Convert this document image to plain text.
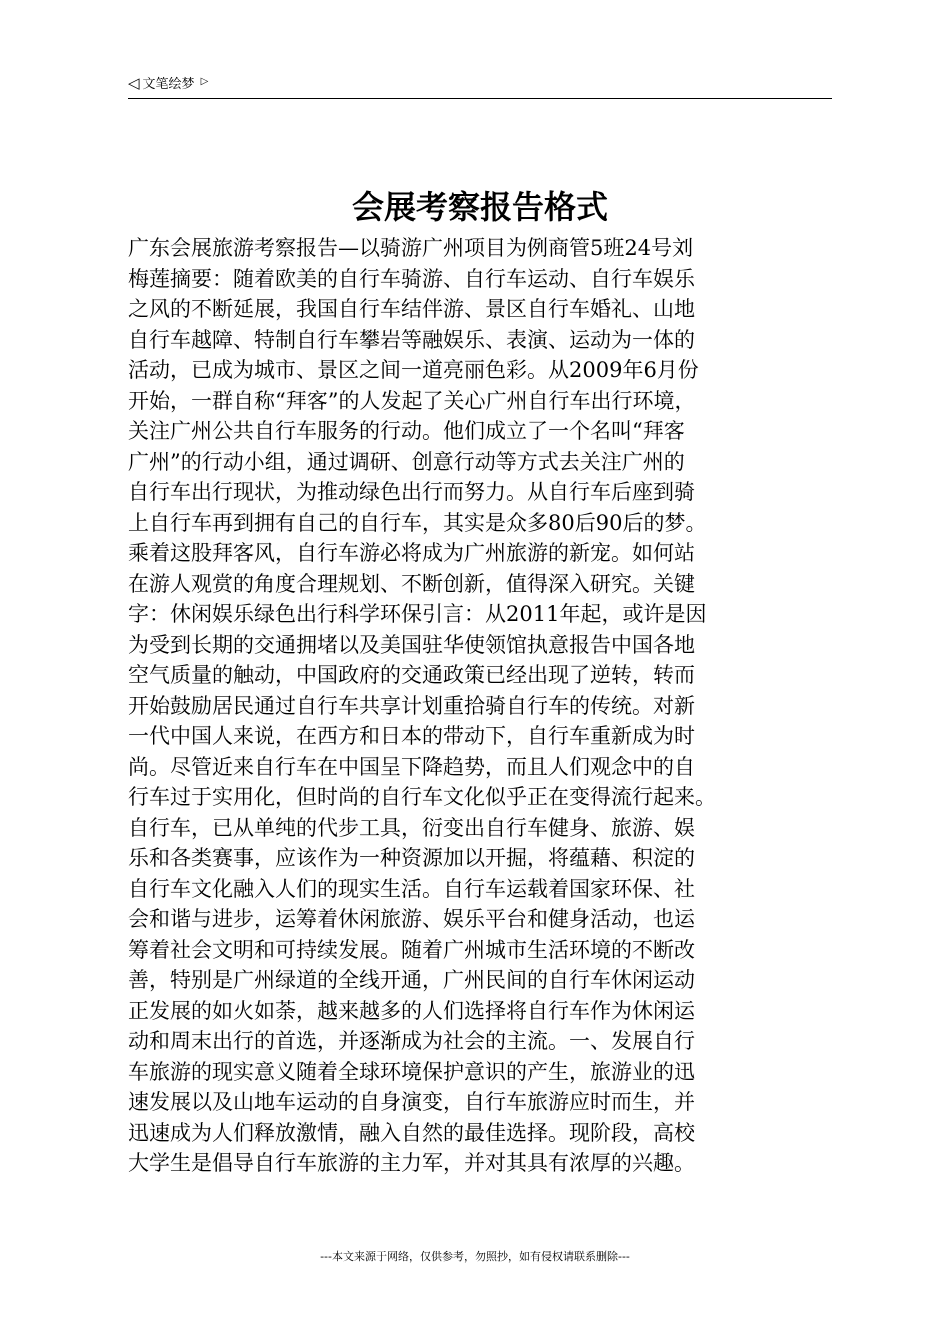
◁ 文笔绘梦 ▷
会展考察报告格式
广东会展旅游考察报告—以骑游广州项目为例商管5班24号刘
梅莲摘要：随着欧美的自行车骑游、自行车运动、自行车娱乐
之风的不断延展，我国自行车结伴游、景区自行车婚礼、山地
自行车越障、特制自行车攀岩等融娱乐、表演、运动为一体的
活动，已成为城市、景区之间一道亮丽色彩。从2009年6月份
开始，一群自称“拜客”的人发起了关心广州自行车出行环境，
关注广州公共自行车服务的行动。他们成立了一个名叫“拜客
广州”的行动小组，通过调研、创意行动等方式去关注广州的
自行车出行现状，为推动绿色出行而努力。从自行车后座到骑
上自行车再到拥有自己的自行车，其实是众多80后90后的梦。
乘着这股拜客风，自行车游必将成为广州旅游的新宠。如何站
在游人观赏的角度合理规划、不断创新，值得深入研究。关键
字：休闲娱乐绿色出行科学环保引言：从2011年起，或许是因
为受到长期的交通拥堵以及美国驻华使领馆执意报告中国各地
空气质量的触动，中国政府的交通政策已经出现了逆转，转而
开始鼓励居民通过自行车共享计划重拾骑自行车的传统。对新
一代中国人来说，在西方和日本的带动下，自行车重新成为时
尚。尽管近来自行车在中国呈下降趋势，而且人们观念中的自
行车过于实用化，但时尚的自行车文化似乎正在变得流行起来。
自行车，已从单纯的代步工具，衍变出自行车健身、旅游、娱
乐和各类赛事，应该作为一种资源加以开掘，将蕴藉、积淀的
自行车文化融入人们的现实生活。自行车运载着国家环保、社
会和谐与进步，运筹着休闲旅游、娱乐平台和健身活动，也运
筹着社会文明和可持续发展。随着广州城市生活环境的不断改
善，特别是广州绿道的全线开通，广州民间的自行车休闲运动
正发展的如火如荼，越来越多的人们选择将自行车作为休闲运
动和周末出行的首选，并逐渐成为社会的主流。一、发展自行
车旅游的现实意义随着全球环境保护意识的产生，旅游业的迅
速发展以及山地车运动的自身演变，自行车旅游应时而生，并
迅速成为人们释放激情，融入自然的最佳选择。现阶段，高校
大学生是倡导自行车旅游的主力军，并对其具有浓厚的兴趣。
---本文来源于网络，仅供参考，勿照抄，如有侵权请联系删除---
